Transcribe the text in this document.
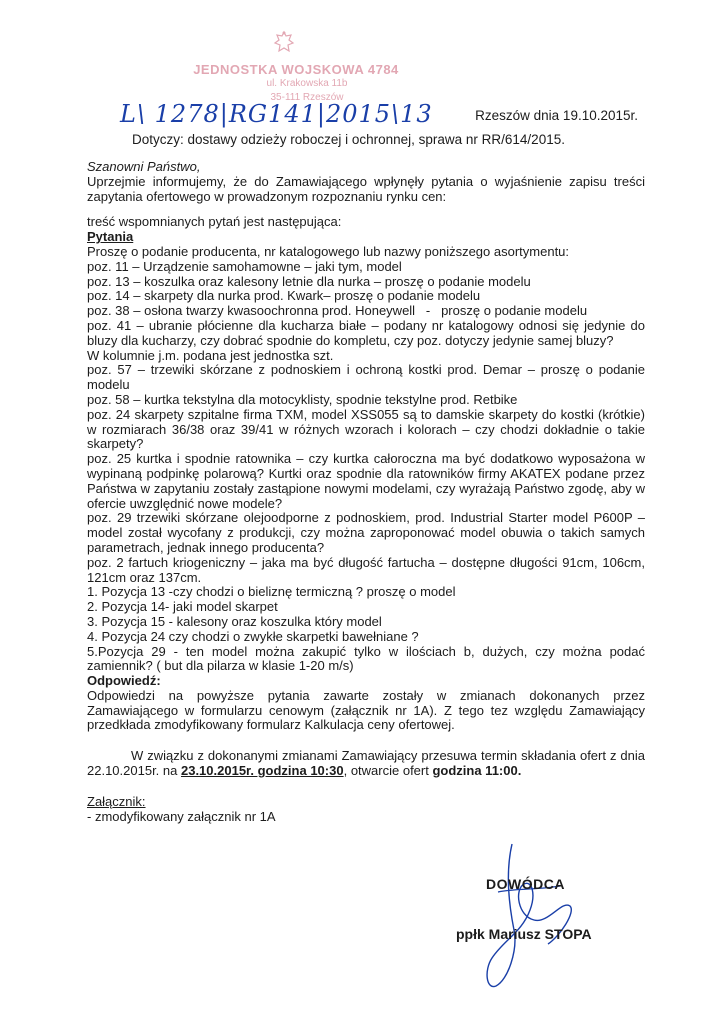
JEDNOSTKA WOJSKOWA 4784
ul. Krakowska 11b
35-111 Rzeszów
L\ 1278|RG141|2015\13	Rzeszów dnia 19.10.2015r.
Dotyczy: dostawy odzieży roboczej i ochronnej, sprawa nr RR/614/2015.

Szanowni Państwo,

Uprzejmie informujemy, że do Zamawiającego wpłynęły pytania o wyjaśnienie zapisu treści zapytania ofertowego w prowadzonym rozpoznaniu rynku cen:

treść wspomnianych pytań jest następująca:

Pytania

Proszę o podanie producenta, nr katalogowego lub nazwy poniższego asortymentu:

poz. 11 – Urządzenie samohamowne – jaki tym, model

poz. 13 – koszulka oraz kalesony letnie dla nurka – proszę o podanie modelu

poz. 14 – skarpety dla nurka prod. Kwark– proszę o podanie modelu

poz. 38 – osłona twarzy kwasoochronna prod. Honeywell   -   proszę o podanie modelu

poz. 41 – ubranie płócienne dla kucharza białe – podany nr katalogowy odnosi się jedynie do bluzy dla kucharzy, czy dobrać spodnie do kompletu, czy poz. dotyczy jedynie samej bluzy?

W kolumnie j.m. podana jest jednostka szt.

poz. 57 – trzewiki skórzane z podnoskiem i ochroną kostki prod. Demar – proszę o podanie modelu

poz. 58 – kurtka tekstylna dla motocyklisty, spodnie tekstylne prod. Retbike

poz. 24 skarpety szpitalne firma TXM, model XSS055 są to damskie skarpety do kostki (krótkie) w rozmiarach 36/38 oraz 39/41 w różnych wzorach i kolorach – czy chodzi dokładnie o takie skarpety?

poz. 25 kurtka i spodnie ratownika – czy kurtka całoroczna ma być dodatkowo wyposażona w wypinaną podpinkę polarową? Kurtki oraz spodnie dla ratowników firmy AKATEX podane przez Państwa w zapytaniu zostały zastąpione nowymi modelami, czy wyrażają Państwo zgodę, aby w ofercie uwzględnić nowe modele?

poz. 29 trzewiki skórzane olejoodporne z podnoskiem, prod. Industrial Starter model P600P – model został wycofany z produkcji, czy można zaproponować model obuwia o takich samych parametrach, jednak innego producenta?

poz. 2 fartuch kriogeniczny – jaka ma być długość fartucha – dostępne długości 91cm, 106cm, 121cm oraz 137cm.

1. Pozycja 13 -czy chodzi o bieliznę termiczną ? proszę o model

2. Pozycja 14- jaki model skarpet

3. Pozycja 15 - kalesony oraz koszulka który model

4. Pozycja 24 czy chodzi o zwykłe skarpetki bawełniane ?

5.Pozycja 29 - ten model można zakupić tylko w ilościach b, dużych, czy można podać zamiennik? ( but dla pilarza w klasie 1-20 m/s)

Odpowiedź:

Odpowiedzi na powyższe pytania zawarte zostały w zmianach dokonanych przez Zamawiającego w formularzu cenowym (załącznik nr 1A). Z tego tez względu Zamawiający przedkłada zmodyfikowany formularz Kalkulacja ceny ofertowej.

W związku z dokonanymi zmianami Zamawiający przesuwa termin składania ofert z dnia 22.10.2015r. na 23.10.2015r. godzina 10:30, otwarcie ofert godzina 11:00.

Załącznik:

- zmodyfikowany załącznik nr 1A

DOWÓDCA
ppłk Mariusz STOPA
